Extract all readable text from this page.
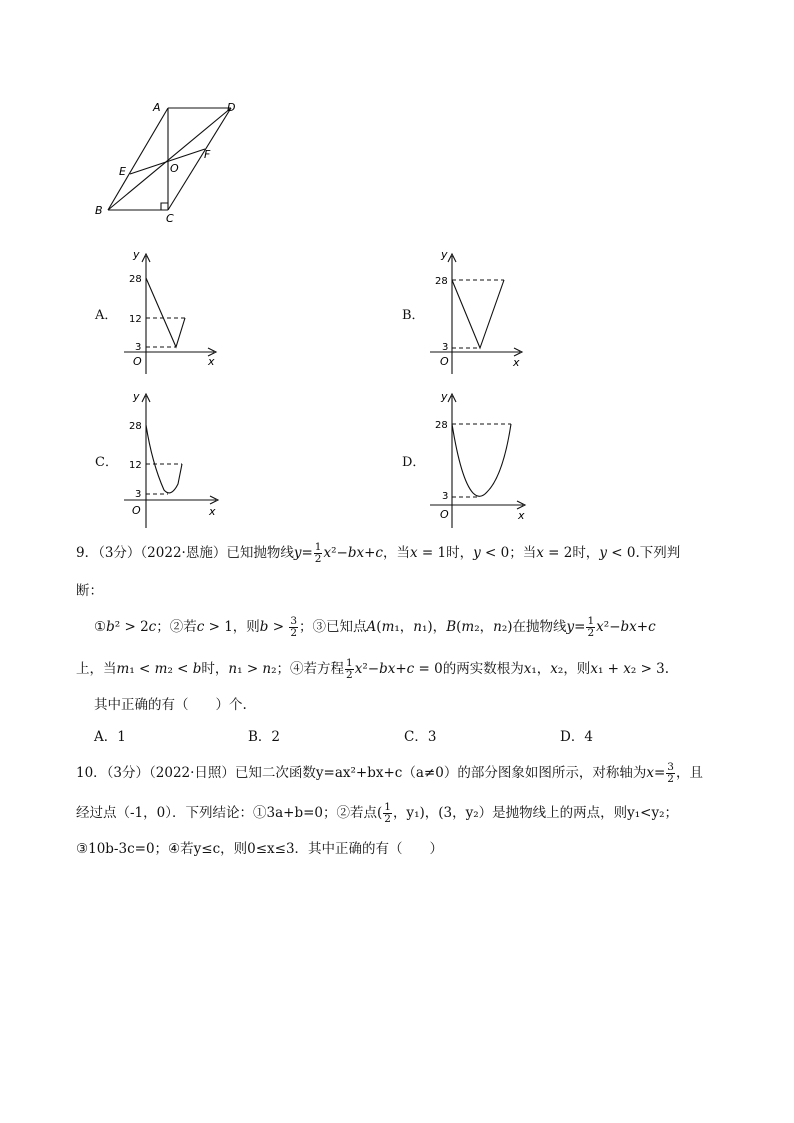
A	D
E	O
F
B
C
A．
y
x
O
28
12
3
B．
y
x
O
28
3
C．
y
x
O
28
12
3
D．
y
x
O
28
3
9．（3分）（2022·恩施）已知抛物线$y= \frac{1}{2} x^2-bx+c$，当x = 1时，y < 0；当x = 2时，y < 0.下列判
断：
①b² > 2c；②若c > 1，则$b > \frac{3}{2}$ ；③已知点A(m₁，n₁)，B(m₂，n₂)在抛物线$y= \frac{1}{2} x^2-bx+c$
上，当m₁ < m₂ < b时，n₁ > n₂；④若方程 $\frac{1}{2} x^2-bx+c = 0$的两实数根为x₁，x₂，则x₁ + x₂ > 3.
其中正确的有（　　）个.
A．1	B．2	C．3	D．4
10．（3分）（2022·日照）已知二次函数y=ax²+bx+c（a≠0）的部分图象如图所示，对称轴为$x= \frac{3}{2}$ ，且
经过点（-1，0）．下列结论：①3a+b=0；②若点( $\frac{1}{2}$ ，y₁)，(3，y₂）是抛物线上的两点，则y₁<y₂；
③10b-3c=0；④若y≤c，则0≤x≤3．其中正确的有（　　）
